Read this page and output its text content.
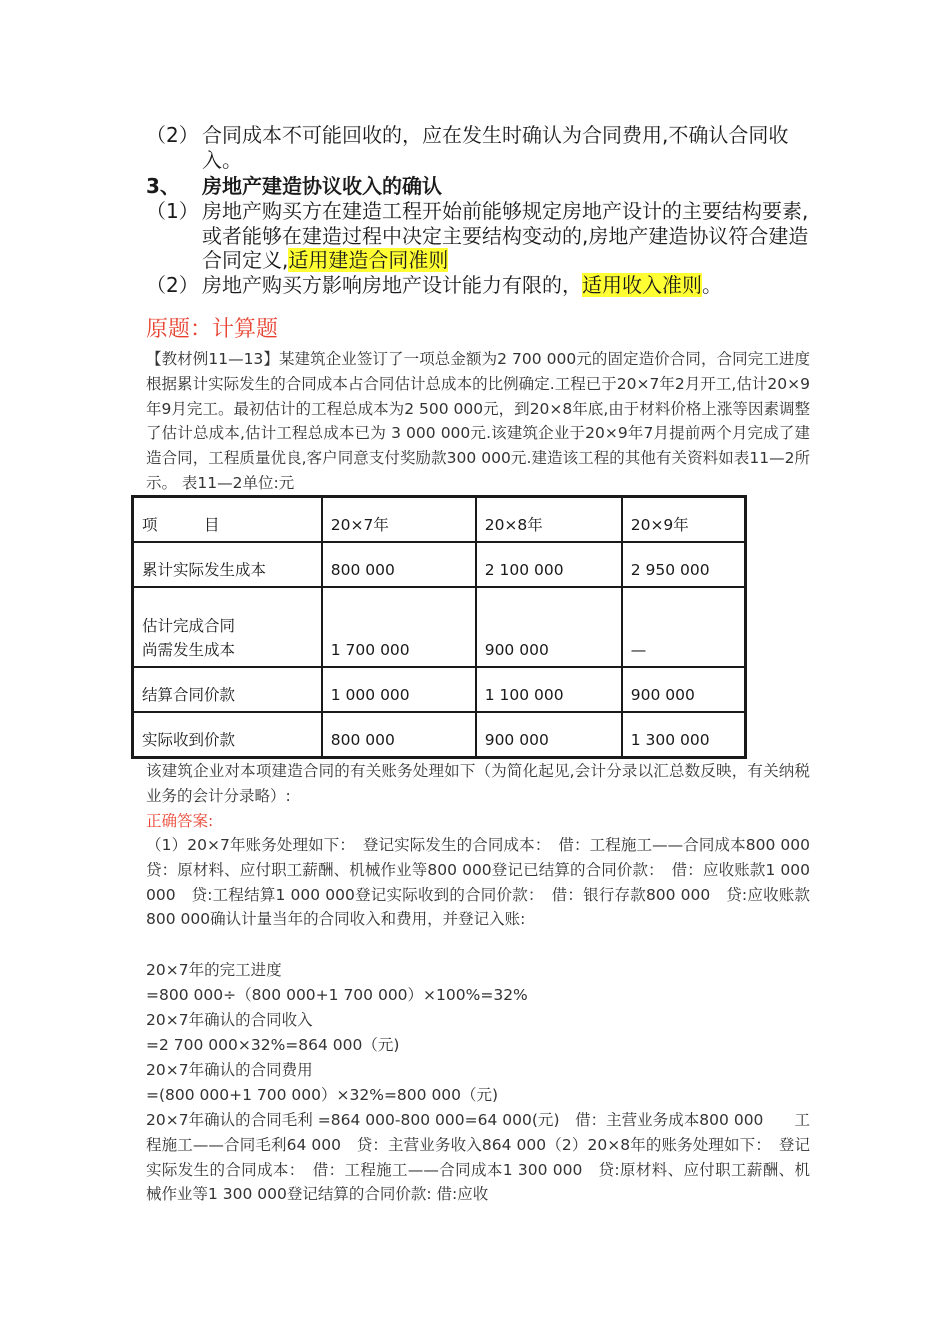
（2） 合同成本不可能回收的，应在发生时确认为合同费用,不确认合同收入。
3、	房地产建造协议收入的确认
（1） 房地产购买方在建造工程开始前能够规定房地产设计的主要结构要素,或者能够在建造过程中决定主要结构变动的,房地产建造协议符合建造合同定义,适用建造合同准则
（2） 房地产购买方影响房地产设计能力有限的，适用收入准则。
原题：计算题
【教材例11—13】某建筑企业签订了一项总金额为2 700 000元的固定造价合同，合同完工进度根据累计实际发生的合同成本占合同估计总成本的比例确定.工程已于20×7年2月开工,估计20×9年9月完工。最初估计的工程总成本为2 500 000元，到20×8年底,由于材料价格上涨等因素调整了估计总成本,估计工程总成本已为 3 000 000元.该建筑企业于20×9年7月提前两个月完成了建造合同，工程质量优良,客户同意支付奖励款300 000元.建造该工程的其他有关资料如表11—2所示。 表11—2单位:元
项　　　目	20×7年	20×8年	20×9年
累计实际发生成本	800 000	2 100 000	2 950 000

估计完成合同
尚需发生成本	1 700 000	900 000	—
结算合同价款	1 000 000	1 100 000	900 000
实际收到价款	800 000	900 000	1 300 000
该建筑企业对本项建造合同的有关账务处理如下（为简化起见,会计分录以汇总数反映，有关纳税业务的会计分录略）:
正确答案:
（1）20×7年账务处理如下：　登记实际发生的合同成本：　借：工程施工——合同成本800 000　贷：原材料、应付职工薪酬、机械作业等800 000登记已结算的合同价款：　借：应收账款1 000 000　贷:工程结算1 000 000登记实际收到的合同价款：　借：银行存款800 000　贷:应收账款800 000确认计量当年的合同收入和费用，并登记入账:
20×7年的完工进度
=800 000÷（800 000+1 700 000）×100%=32%
20×7年确认的合同收入
=2 700 000×32%=864 000（元)
20×7年确认的合同费用
=(800 000+1 700 000）×32%=800 000（元)
20×7年确认的合同毛利 =864 000-800 000=64 000(元)　借：主营业务成本800 000　　工程施工——合同毛利64 000　贷：主营业务收入864 000（2）20×8年的账务处理如下：　登记实际发生的合同成本：　借：工程施工——合同成本1 300 000　贷:原材料、应付职工薪酬、机械作业等1 300 000登记结算的合同价款: 借:应收
